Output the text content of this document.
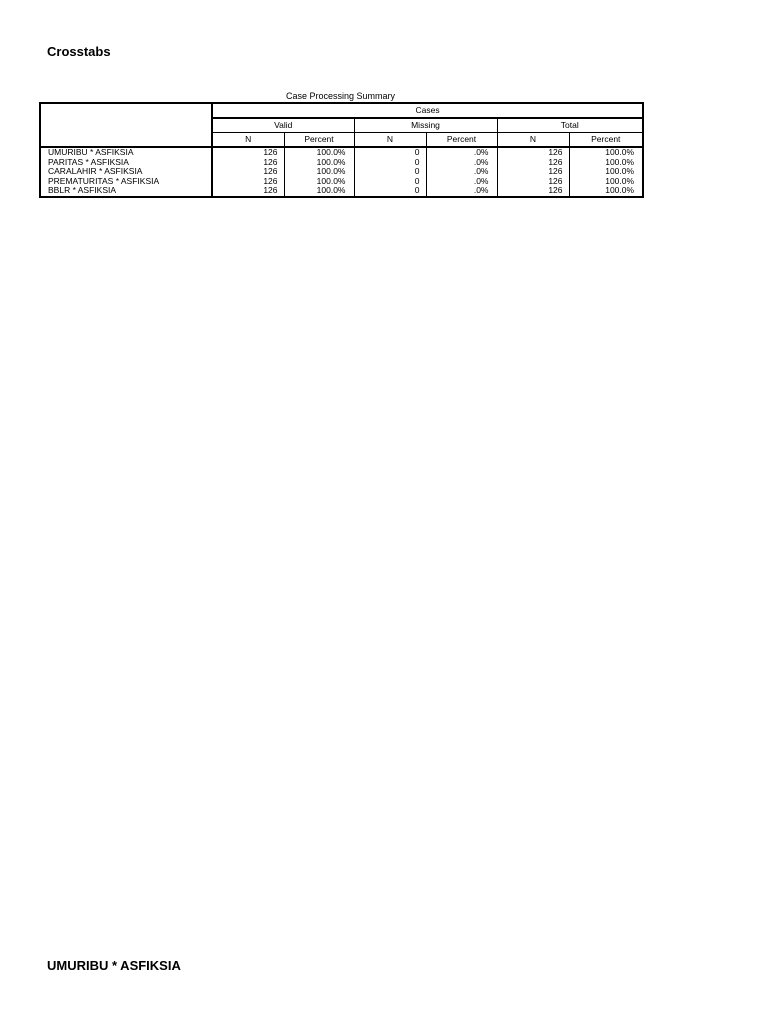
Crosstabs
Case Processing Summary
	Cases					
	Valid		Missing		Total	
	N	Percent	N	Percent	N	Percent
UMURIBU * ASFIKSIA	126	100.0%	0	.0%	126	100.0%
PARITAS * ASFIKSIA	126	100.0%	0	.0%	126	100.0%
CARALAHIR * ASFIKSIA	126	100.0%	0	.0%	126	100.0%
PREMATURITAS * ASFIKSIA	126	100.0%	0	.0%	126	100.0%
BBLR * ASFIKSIA	126	100.0%	0	.0%	126	100.0%
UMURIBU * ASFIKSIA
